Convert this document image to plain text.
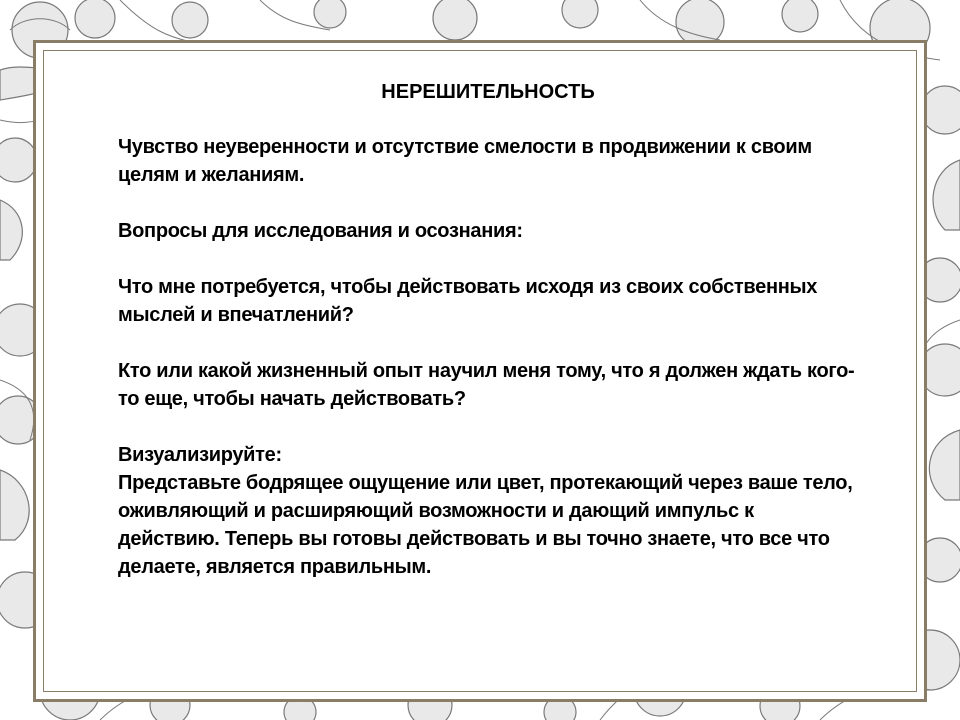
НЕРЕШИТЕЛЬНОСТЬ
Чувство неуверенности и отсутствие смелости в продвижении к своим целям и желаниям.
Вопросы для исследования и осознания:
Что мне потребуется, чтобы действовать исходя из своих собственных мыслей и впечатлений?
Кто или какой жизненный опыт научил меня тому, что я должен ждать кого-то еще, чтобы начать действовать?
Визуализируйте:
Представьте бодрящее ощущение или цвет, протекающий через ваше тело, оживляющий и расширяющий возможности и дающий импульс к действию. Теперь вы готовы действовать и вы точно знаете, что все что делаете, является правильным.
